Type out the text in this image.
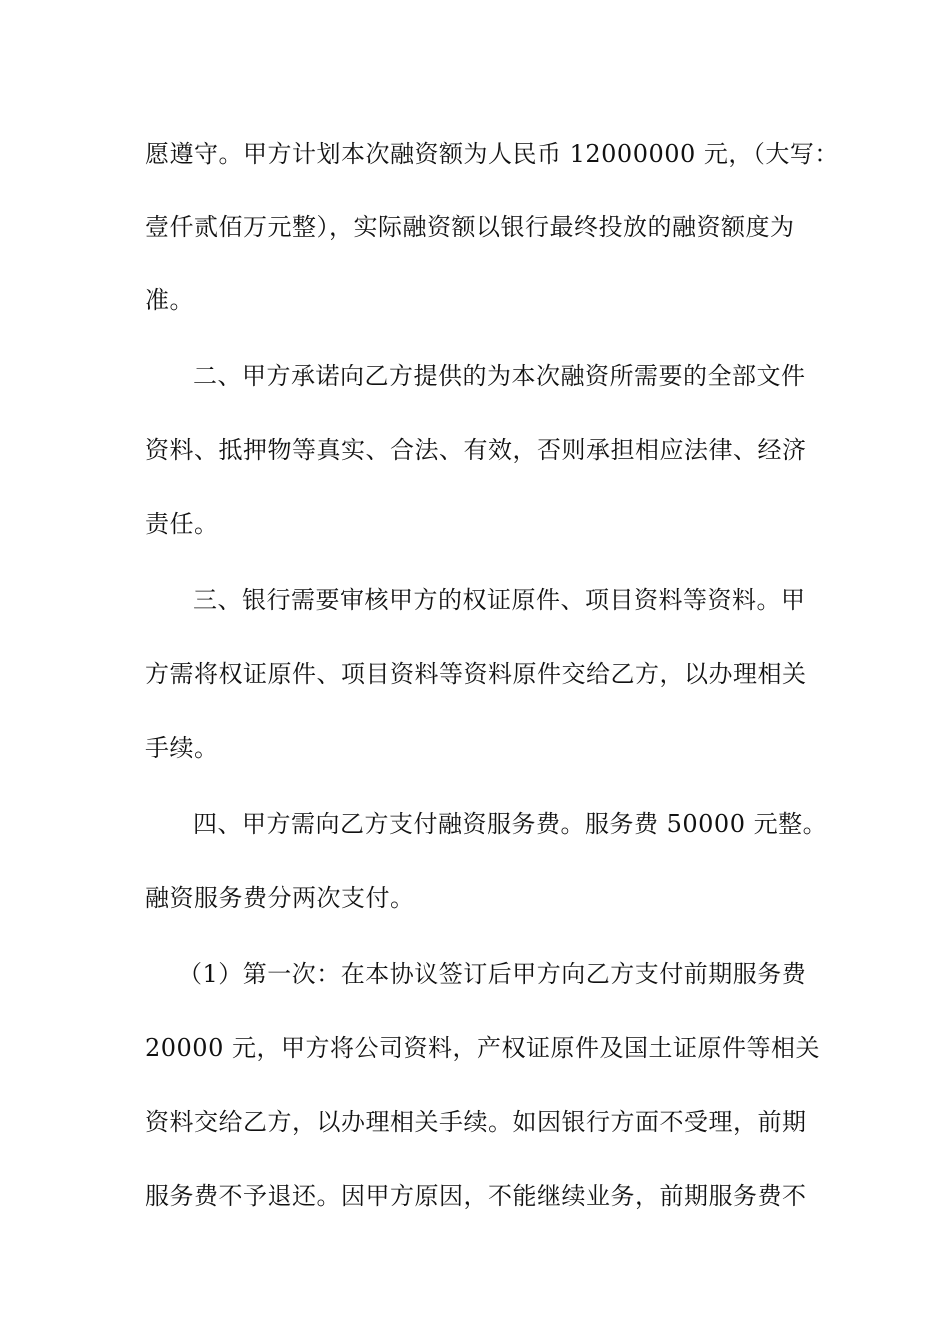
愿遵守。甲方计划本次融资额为人民币 12000000 元，（大写：
壹仟贰佰万元整），实际融资额以银行最终投放的融资额度为
准。
二、甲方承诺向乙方提供的为本次融资所需要的全部文件
资料、抵押物等真实、合法、有效，否则承担相应法律、经济
责任。
三、银行需要审核甲方的权证原件、项目资料等资料。甲
方需将权证原件、项目资料等资料原件交给乙方，以办理相关
手续。
四、甲方需向乙方支付融资服务费。服务费 50000 元整。
融资服务费分两次支付。
（1）第一次：在本协议签订后甲方向乙方支付前期服务费
20000 元，甲方将公司资料，产权证原件及国土证原件等相关
资料交给乙方，以办理相关手续。如因银行方面不受理，前期
服务费不予退还。因甲方原因，不能继续业务，前期服务费不
